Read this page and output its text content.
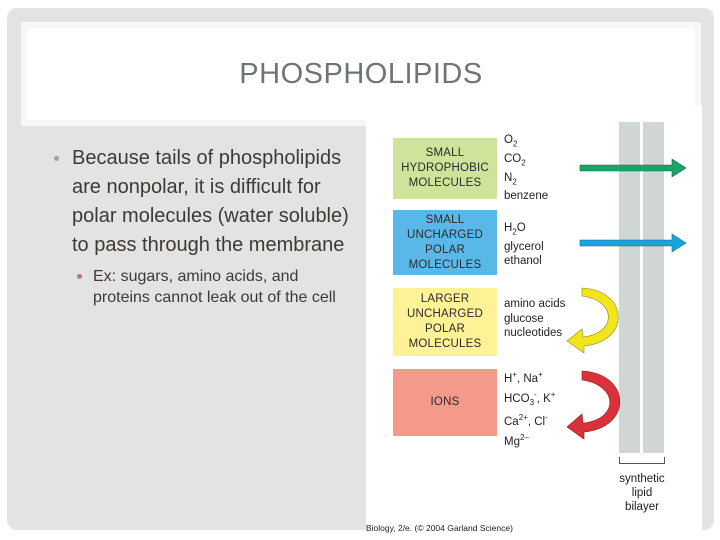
PHOSPHOLIPIDS
Because tails of phospholipids are nonpolar, it is difficult for polar molecules (water soluble) to pass through the membrane
Ex: sugars, amino acids, and proteins cannot leak out of the cell
SMALL
HYDROPHOBIC
MOLECULES
SMALL
UNCHARGED
POLAR
MOLECULES
LARGER
UNCHARGED
POLAR
MOLECULES
IONS
$O_2$
$CO_2$
$N_2$
benzene
$H_2O$
glycerol
ethanol
amino acids
glucose
nucleotides
H+, Na+
$HCO_3^-$, K+
$Ca^{2+}$, Cl-
$Mg^{2-}$
synthetic
lipid
bilayer
Biology, 2/e. (© 2004 Garland Science)
